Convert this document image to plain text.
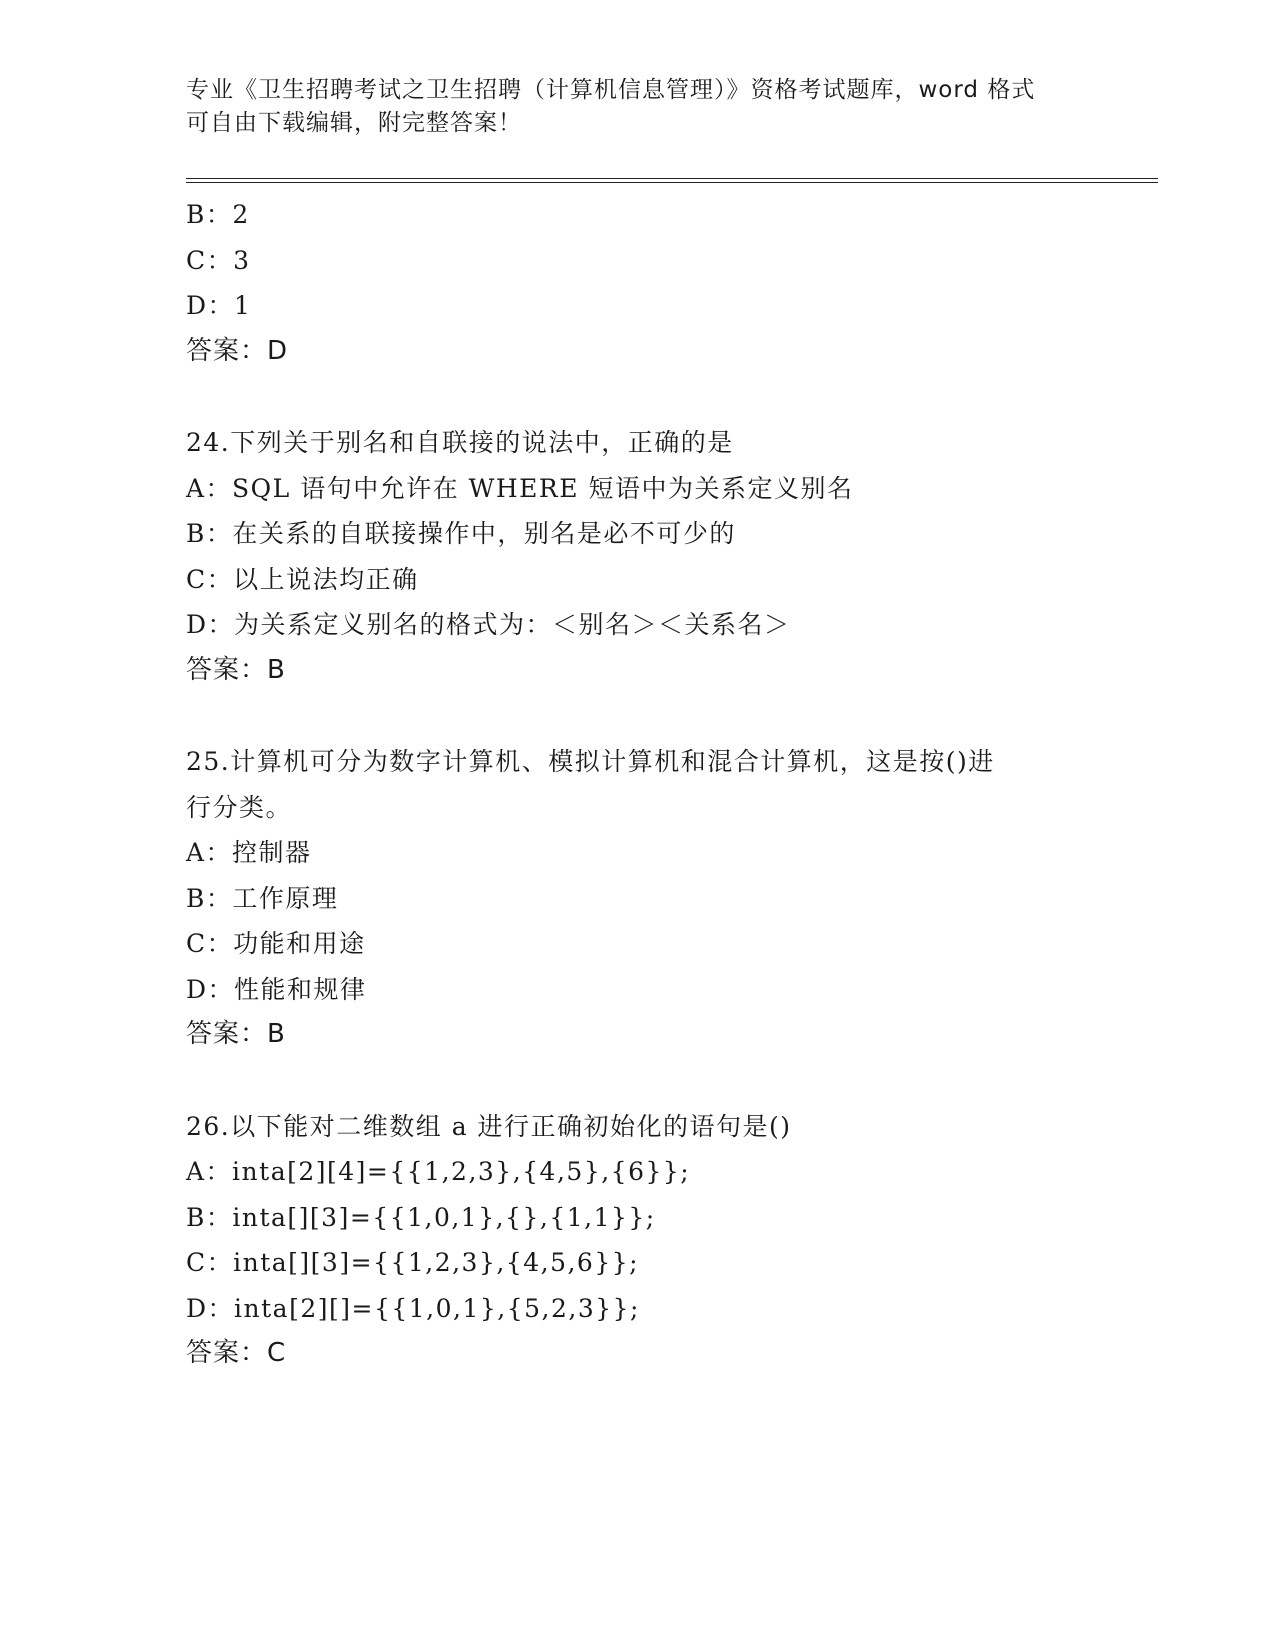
专业《卫生招聘考试之卫生招聘（计算机信息管理）》资格考试题库，word 格式
可自由下载编辑，附完整答案！
B：2
C：3
D：1
答案：D
24.下列关于别名和自联接的说法中，正确的是
A：SQL 语句中允许在 WHERE 短语中为关系定义别名
B：在关系的自联接操作中，别名是必不可少的
C：以上说法均正确
D：为关系定义别名的格式为：＜别名＞＜关系名＞
答案：B
25.计算机可分为数字计算机、模拟计算机和混合计算机，这是按()进
行分类。
A：控制器
B：工作原理
C：功能和用途
D：性能和规律
答案：B
26.以下能对二维数组 a 进行正确初始化的语句是()
A：inta[2][4]={{1,2,3},{4,5},{6}};
B：inta[][3]={{1,0,1},{},{1,1}};
C：inta[][3]={{1,2,3},{4,5,6}};
D：inta[2][]={{1,0,1},{5,2,3}};
答案：C
